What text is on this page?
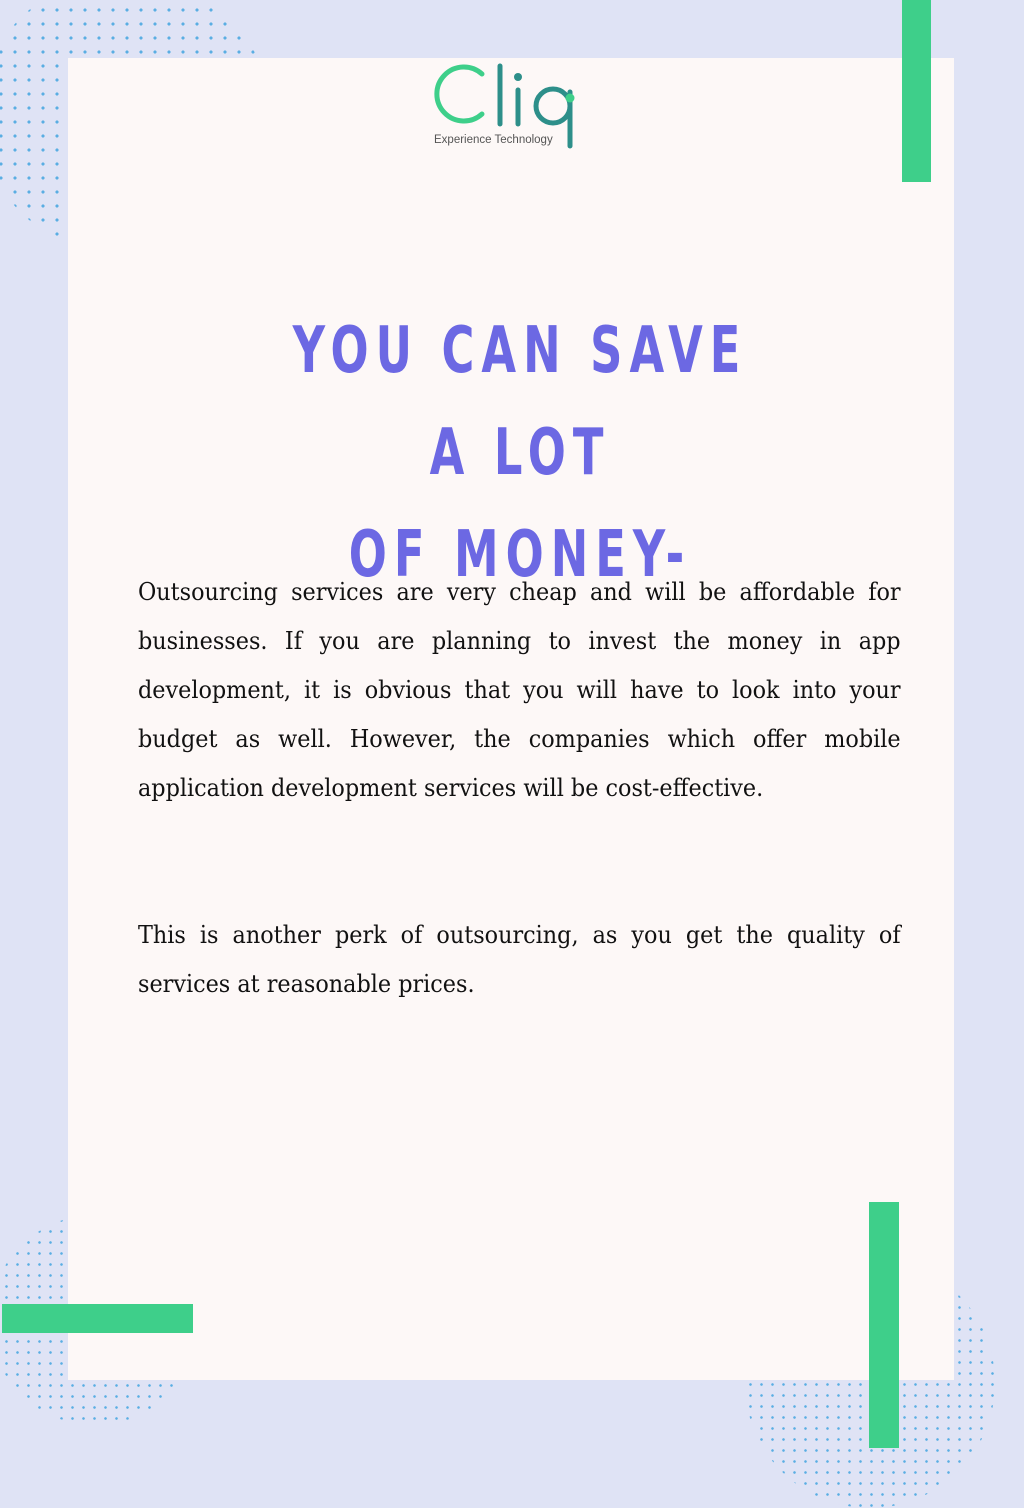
Experience Technology
YOU CAN SAVE A LOT
OF MONEY-

Outsourcing services are very cheap and will be affordable for businesses. If you are planning to invest the money in app development, it is obvious that you will have to look into your budget as well. However, the companies which offer mobile application development services will be cost-effective.

This is another perk of outsourcing, as you get the quality of services at reasonable prices.
